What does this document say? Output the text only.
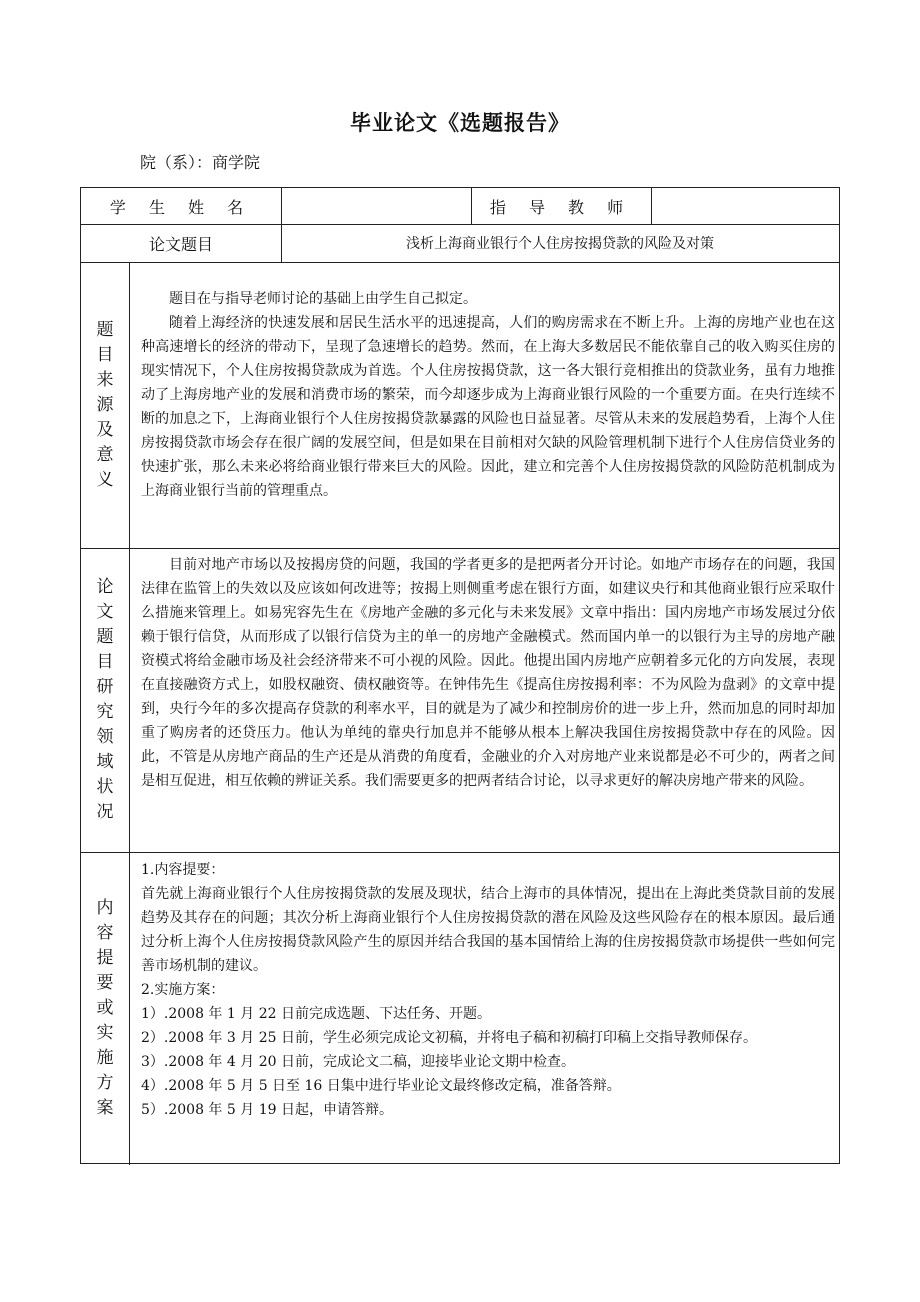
毕业论文《选题报告》
院（系）：商学院
学 生 姓 名	指 导 教 师
论文题目	浅析上海商业银行个人住房按揭贷款的风险及对策
题
目
来
源
及
意
义

题目在与指导老师讨论的基础上由学生自己拟定。

随着上海经济的快速发展和居民生活水平的迅速提高，人们的购房需求在不断上升。上海的房地产业也在这种高速增长的经济的带动下，呈现了急速增长的趋势。然而，在上海大多数居民不能依靠自己的收入购买住房的现实情况下，个人住房按揭贷款成为首选。个人住房按揭贷款，这一各大银行竞相推出的贷款业务，虽有力地推动了上海房地产业的发展和消费市场的繁荣，而今却逐步成为上海商业银行风险的一个重要方面。在央行连续不断的加息之下，上海商业银行个人住房按揭贷款暴露的风险也日益显著。尽管从未来的发展趋势看，上海个人住房按揭贷款市场会存在很广阔的发展空间，但是如果在目前相对欠缺的风险管理机制下进行个人住房信贷业务的快速扩张，那么未来必将给商业银行带来巨大的风险。因此，建立和完善个人住房按揭贷款的风险防范机制成为上海商业银行当前的管理重点。

论
文
题
目
研
究
领
域
状
况

目前对地产市场以及按揭房贷的问题，我国的学者更多的是把两者分开讨论。如地产市场存在的问题，我国法律在监管上的失效以及应该如何改进等；按揭上则侧重考虑在银行方面，如建议央行和其他商业银行应采取什么措施来管理上。如易宪容先生在《房地产金融的多元化与未来发展》文章中指出：国内房地产市场发展过分依赖于银行信贷，从而形成了以银行信贷为主的单一的房地产金融模式。然而国内单一的以银行为主导的房地产融资模式将给金融市场及社会经济带来不可小视的风险。因此。他提出国内房地产应朝着多元化的方向发展，表现在直接融资方式上，如股权融资、债权融资等。在钟伟先生《提高住房按揭利率：不为风险为盘剥》的文章中提到，央行今年的多次提高存贷款的利率水平，目的就是为了减少和控制房价的进一步上升，然而加息的同时却加重了购房者的还贷压力。他认为单纯的靠央行加息并不能够从根本上解决我国住房按揭贷款中存在的风险。因此，不管是从房地产商品的生产还是从消费的角度看，金融业的介入对房地产业来说都是必不可少的，两者之间是相互促进，相互依赖的辨证关系。我们需要更多的把两者结合讨论，以寻求更好的解决房地产带来的风险。

内
容
提
要
或
实
施
方
案

1.内容提要：

首先就上海商业银行个人住房按揭贷款的发展及现状，结合上海市的具体情况，提出在上海此类贷款目前的发展趋势及其存在的问题；其次分析上海商业银行个人住房按揭贷款的潜在风险及这些风险存在的根本原因。最后通过分析上海个人住房按揭贷款风险产生的原因并结合我国的基本国情给上海的住房按揭贷款市场提供一些如何完善市场机制的建议。

2.实施方案：

1）.2008 年 1 月 22 日前完成选题、下达任务、开题。

2）.2008 年 3 月 25 日前，学生必须完成论文初稿，并将电子稿和初稿打印稿上交指导教师保存。

3）.2008 年 4 月 20 日前，完成论文二稿，迎接毕业论文期中检查。

4）.2008 年 5 月 5 日至 16 日集中进行毕业论文最终修改定稿，准备答辩。

5）.2008 年 5 月 19 日起，申请答辩。
